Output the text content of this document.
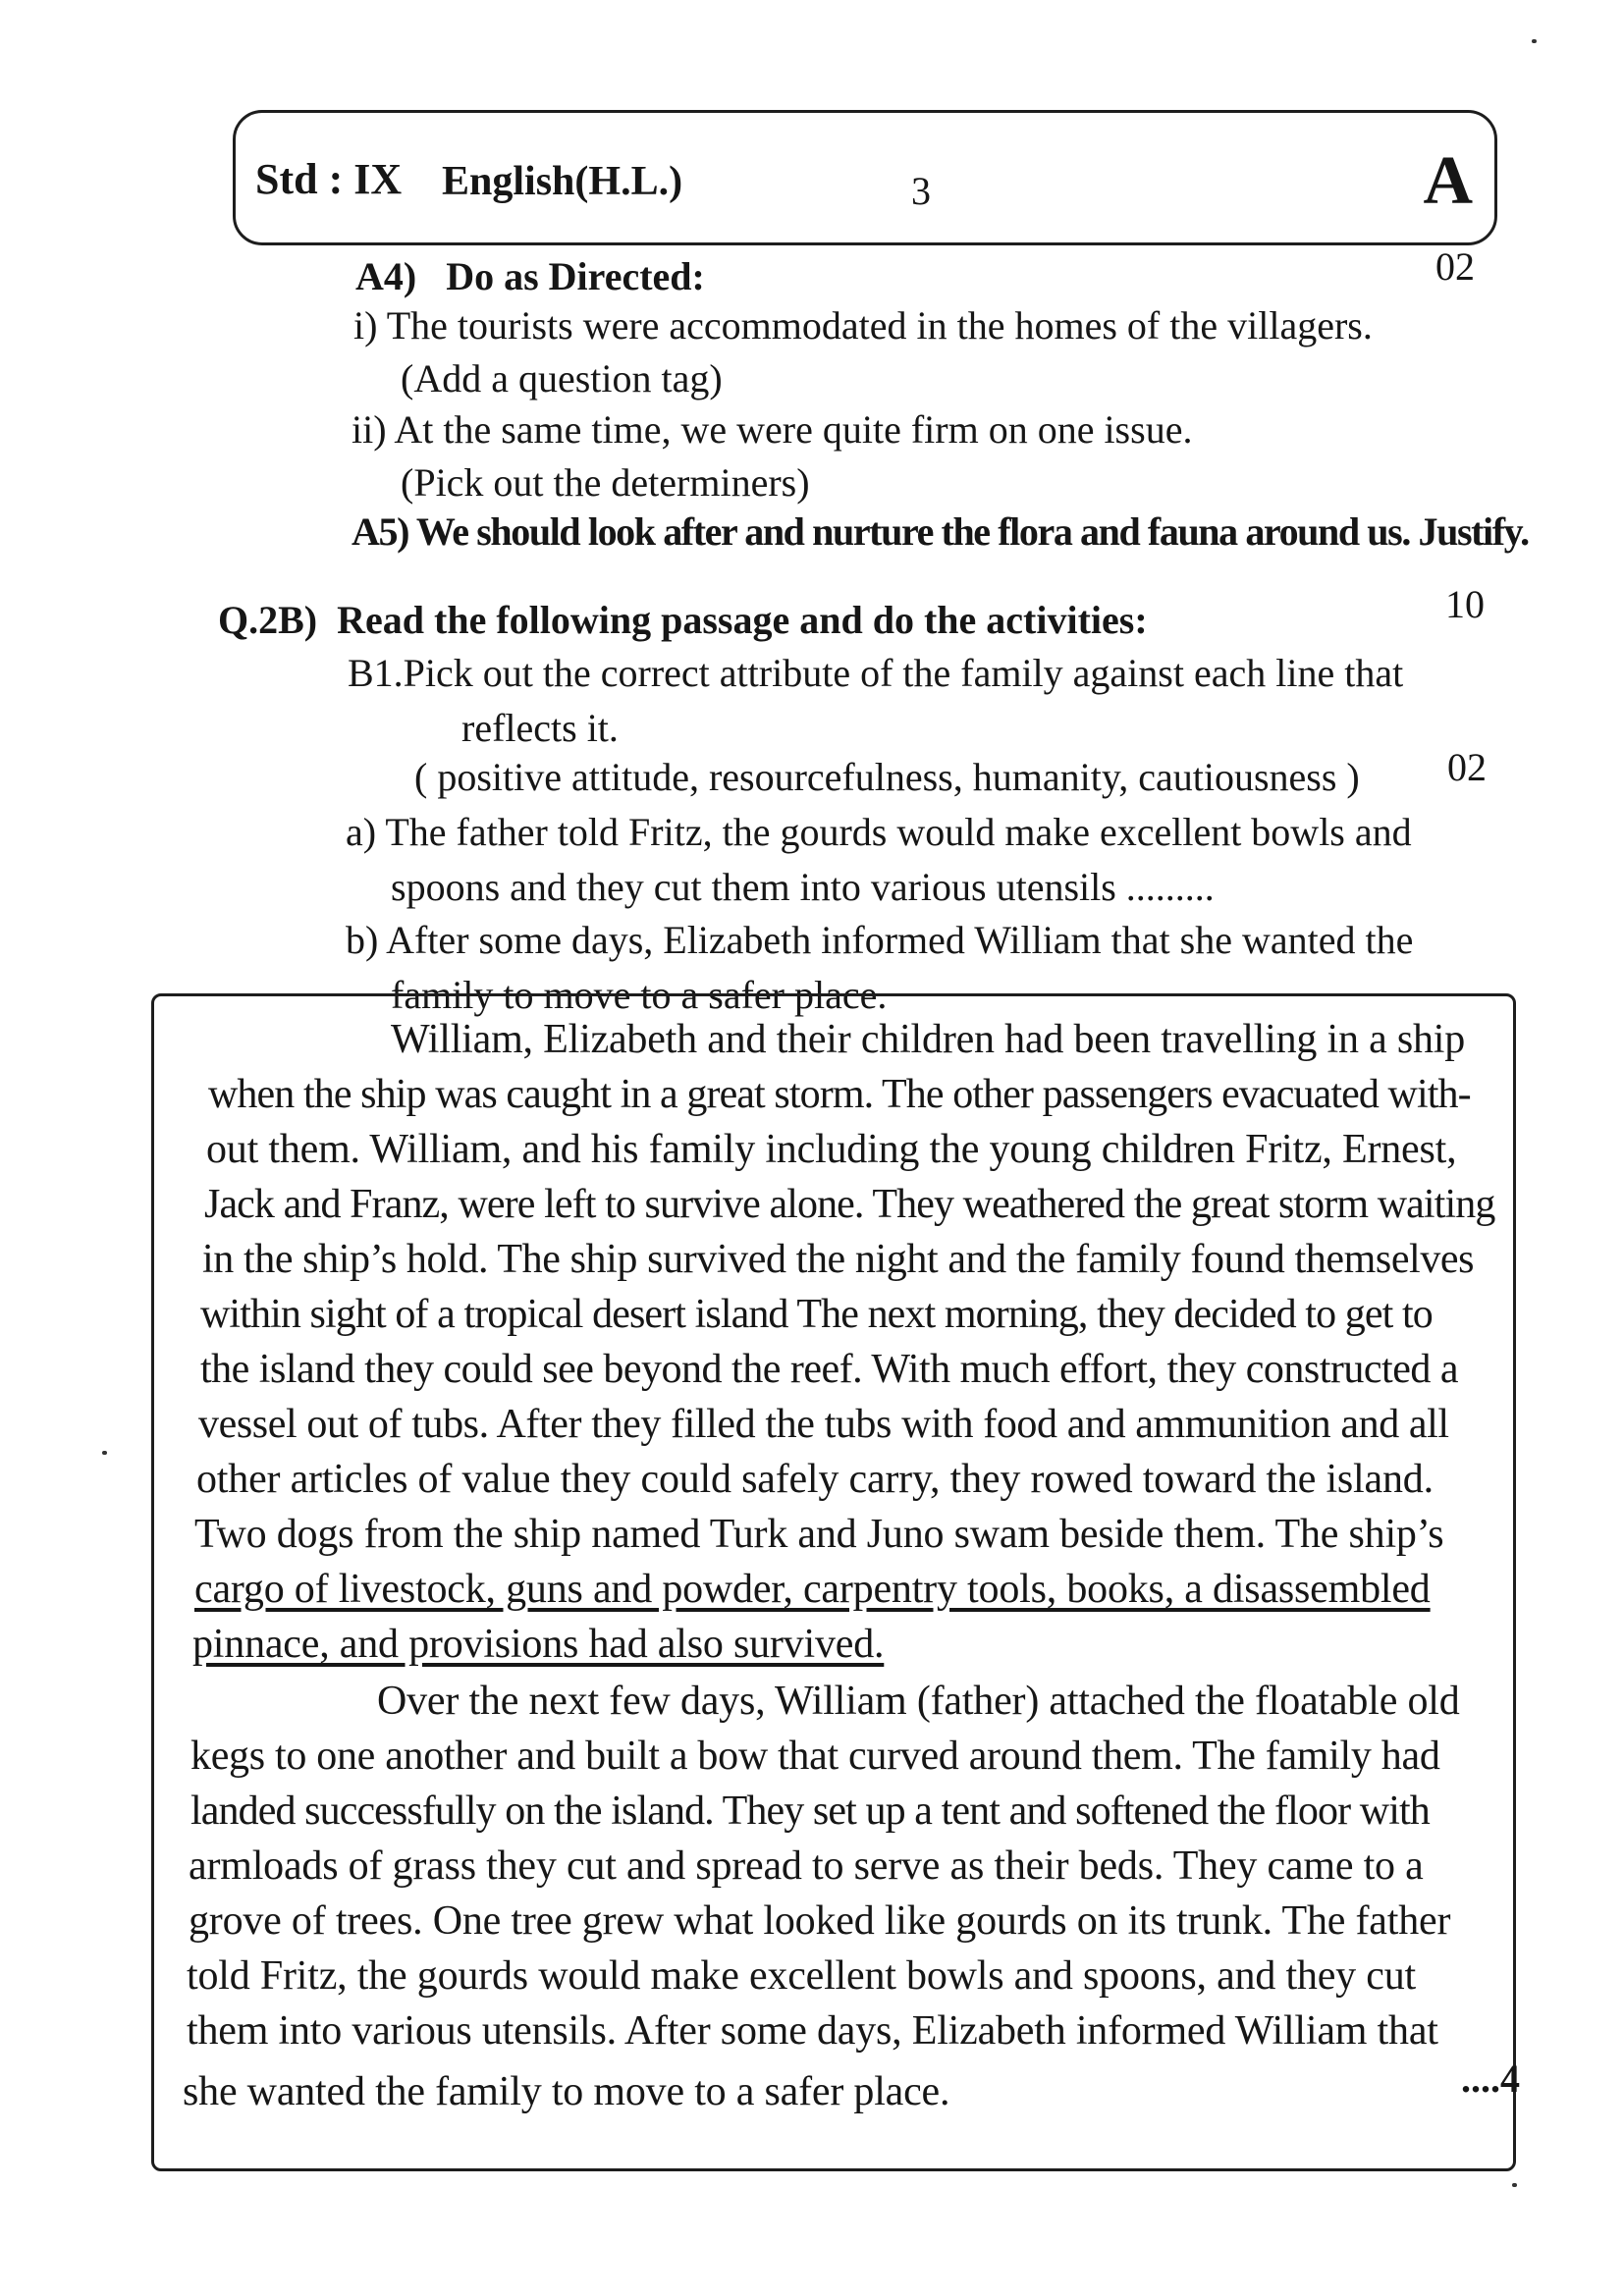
Std : IX English(H.L.)	3	A
A4)   Do as Directed:	02
i) The tourists were accommodated in the homes of the villagers.
(Add a question tag)
ii) At the same time, we were quite firm on one issue.
(Pick out the determiners)
A5) We should look after and nurture the flora and fauna around us. Justify.
Q.2B)  Read the following passage and do the activities:	10
B1.Pick out the correct attribute of the family against each line that
reflects it.
( positive attitude, resourcefulness, humanity, cautiousness ) 02
a) The father told Fritz, the gourds would make excellent bowls and
spoons and they cut them into various utensils .........
b) After some days, Elizabeth informed William that she wanted the
family to move to a safer place.
William, Elizabeth and their children had been travelling in a ship
when the ship was caught in a great storm. The other passengers evacuated with-
out them. William, and his family including the young children Fritz, Ernest,
Jack and Franz, were left to survive alone. They weathered the great storm waiting
in the ship’s hold. The ship survived the night and the family found themselves
within sight of a tropical desert island The next morning, they decided to get to
the island they could see beyond the reef. With much effort, they constructed a
vessel out of tubs. After they filled the tubs with food and ammunition and all
other articles of value they could safely carry, they rowed toward the island.
Two dogs from the ship named Turk and Juno swam beside them. The ship’s
cargo of livestock, guns and powder, carpentry tools, books, a disassembled
pinnace, and provisions had also survived.
Over the next few days, William (father) attached the floatable old
kegs to one another and built a bow that curved around them. The family had
landed successfully on the island. They set up a tent and softened the floor with
armloads of grass they cut and spread to serve as their beds. They came to a
grove of trees. One tree grew what looked like gourds on its trunk. The father
told Fritz, the gourds would make excellent bowls and spoons, and they cut
them into various utensils. After some days, Elizabeth informed William that
she wanted the family to move to a safer place.	....4
